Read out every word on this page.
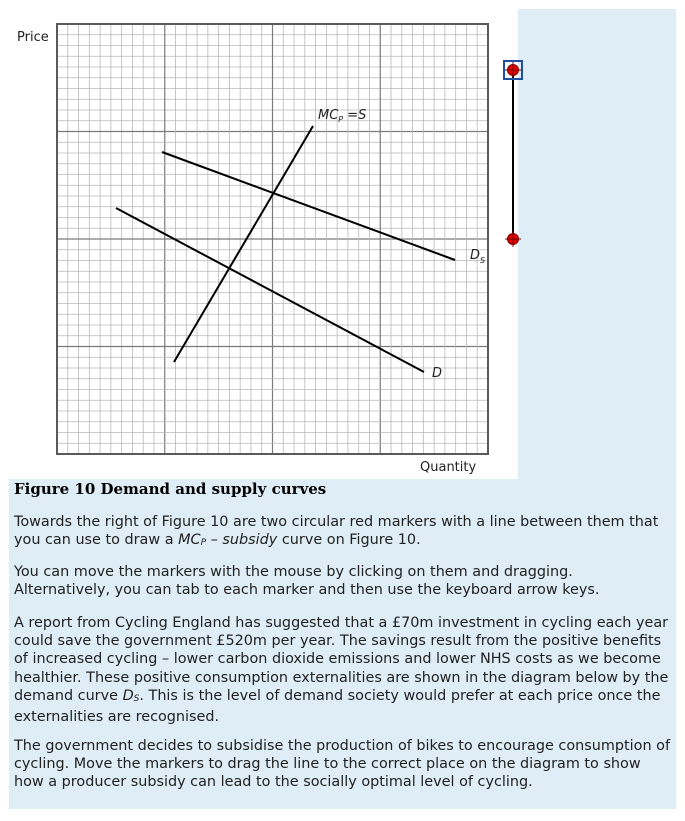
Price
Quantity
$MC_P =S$
$D_S$
D
Figure 10 Demand and supply curves
Towards the right of Figure 10 are two circular red markers with a line between them that you can use to draw a MCP – subsidy curve on Figure 10.
You can move the markers with the mouse by clicking on them and dragging. Alternatively, you can tab to each marker and then use the keyboard arrow keys.
A report from Cycling England has suggested that a £70m investment in cycling each year could save the government £520m per year. The savings result from the positive benefits of increased cycling – lower carbon dioxide emissions and lower NHS costs as we become healthier. These positive consumption externalities are shown in the diagram below by the demand curve DS. This is the level of demand society would prefer at each price once the externalities are recognised.
The government decides to subsidise the production of bikes to encourage consumption of cycling. Move the markers to drag the line to the correct place on the diagram to show how a producer subsidy can lead to the socially optimal level of cycling.
